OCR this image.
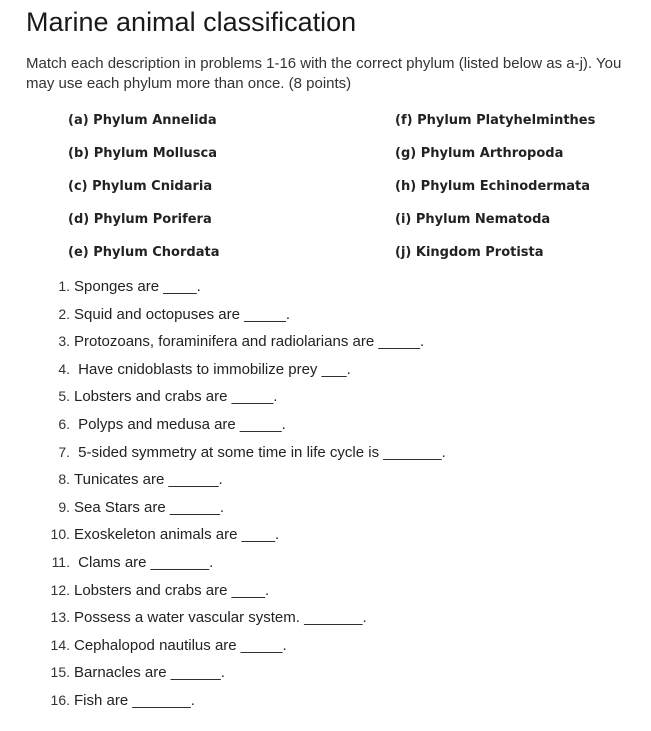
Marine animal classification
Match each description in problems 1-16 with the correct phylum (listed below as a-j). You may use each phylum more than once. (8 points)
(a) Phylum Annelida	(f) Phylum Platyhelminthes
(b) Phylum Mollusca	(g) Phylum Arthropoda
(c) Phylum Cnidaria	(h) Phylum Echinodermata
(d) Phylum Porifera	(i) Phylum Nematoda
(e) Phylum Chordata	(j) Kingdom Protista
1. Sponges are ____.
2. Squid and octopuses are _____.
3. Protozoans, foraminifera and radiolarians are _____.
4. Have cnidoblasts to immobilize prey ___.
5. Lobsters and crabs are _____.
6. Polyps and medusa are _____.
7. 5-sided symmetry at some time in life cycle is _______.
8. Tunicates are ______.
9. Sea Stars are ______.
10. Exoskeleton animals are ____.
11. Clams are _______.
12. Lobsters and crabs are ____.
13. Possess a water vascular system. _______.
14. Cephalopod nautilus are _____.
15. Barnacles are ______.
16. Fish are _______.
